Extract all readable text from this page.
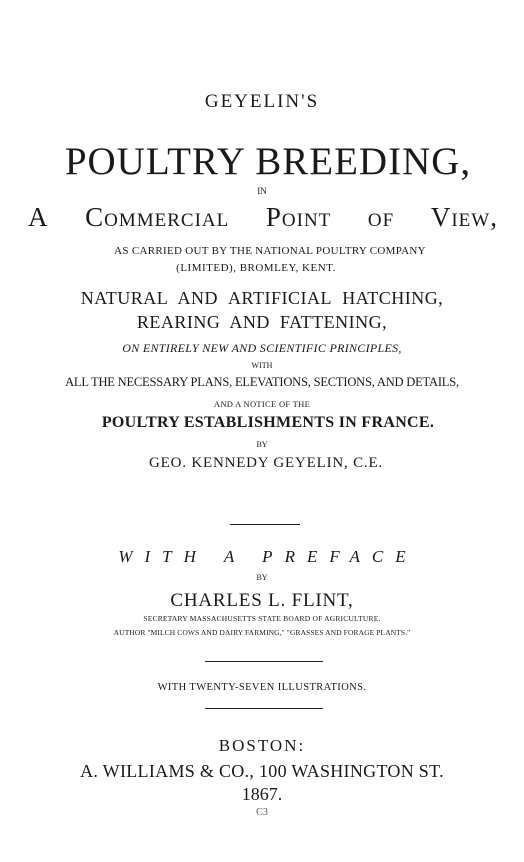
GEYELIN'S
POULTRY BREEDING,
IN
A Commercial Point of View,
AS CARRIED OUT BY THE NATIONAL POULTRY COMPANY
(LIMITED), BROMLEY, KENT.
NATURAL AND ARTIFICIAL HATCHING,
REARING AND FATTENING,
ON ENTIRELY NEW AND SCIENTIFIC PRINCIPLES,
WITH
ALL THE NECESSARY PLANS, ELEVATIONS, SECTIONS, AND DETAILS,
AND A NOTICE OF THE
POULTRY ESTABLISHMENTS IN FRANCE.
BY
GEO. KENNEDY GEYELIN, C.E.
WITH A PREFACE
BY
CHARLES L. FLINT,
SECRETARY MASSACHUSETTS STATE BOARD OF AGRICULTURE.
AUTHOR "MILCH COWS AND DAIRY FARMING," "GRASSES AND FORAGE PLANTS."
WITH TWENTY-SEVEN ILLUSTRATIONS.
BOSTON:
A. WILLIAMS & CO., 100 WASHINGTON ST.
1867.
C3
